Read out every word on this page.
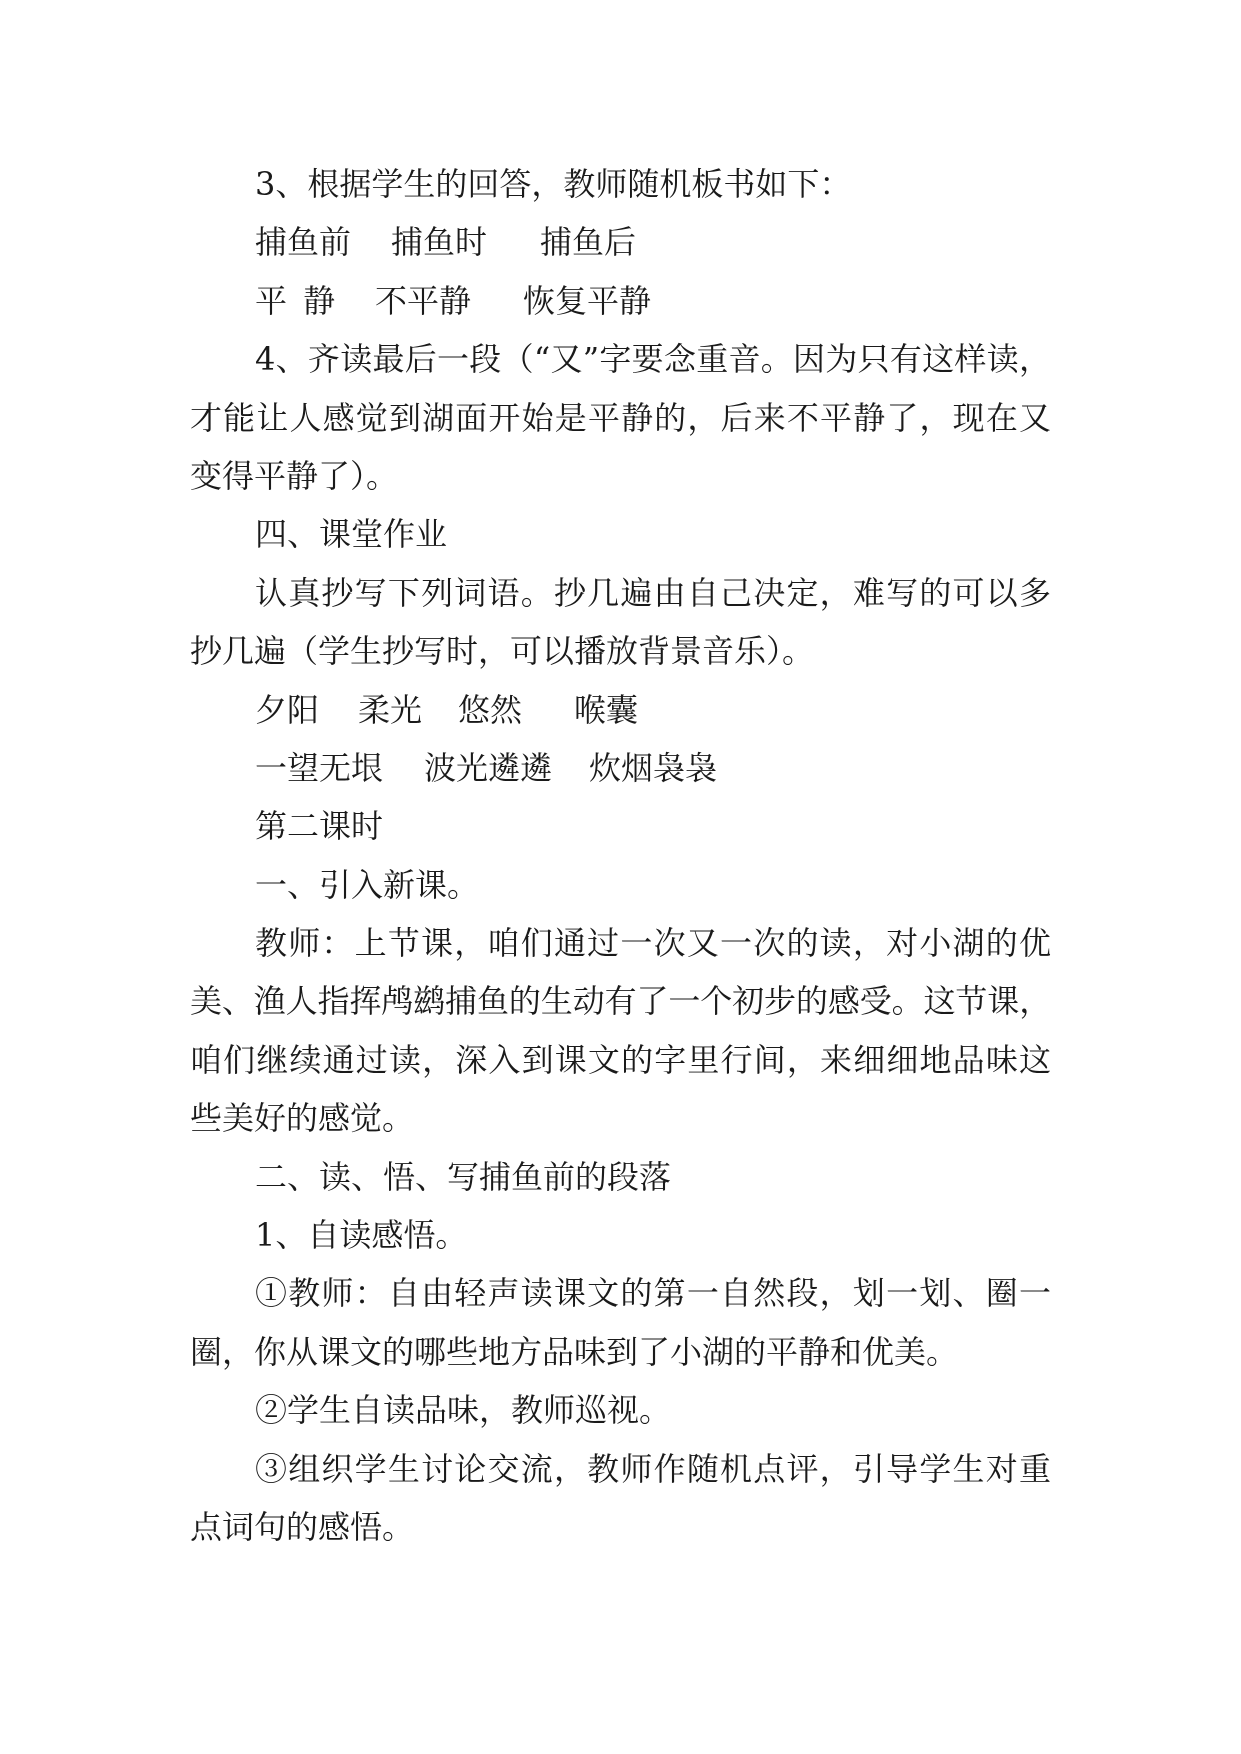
3、根据学生的回答，教师随机板书如下：
捕鱼前 捕鱼时 捕鱼后
平 静 不平静 恢复平静
4、齐读最后一段（“又”字要念重音。因为只有这样读，
才能让人感觉到湖面开始是平静的，后来不平静了，现在又
变得平静了）。
四、课堂作业
认真抄写下列词语。抄几遍由自己决定，难写的可以多
抄几遍（学生抄写时，可以播放背景音乐）。
夕阳 柔光 悠然 喉囊
一望无垠 波光遴遴 炊烟袅袅
第二课时
一、引入新课。
教师：上节课，咱们通过一次又一次的读，对小湖的优
美、渔人指挥鸬鹚捕鱼的生动有了一个初步的感受。这节课，
咱们继续通过读，深入到课文的字里行间，来细细地品味这
些美好的感觉。
二、读、悟、写捕鱼前的段落
1、自读感悟。
①教师：自由轻声读课文的第一自然段，划一划、圈一
圈，你从课文的哪些地方品味到了小湖的平静和优美。
②学生自读品味，教师巡视。
③组织学生讨论交流，教师作随机点评，引导学生对重
点词句的感悟。
